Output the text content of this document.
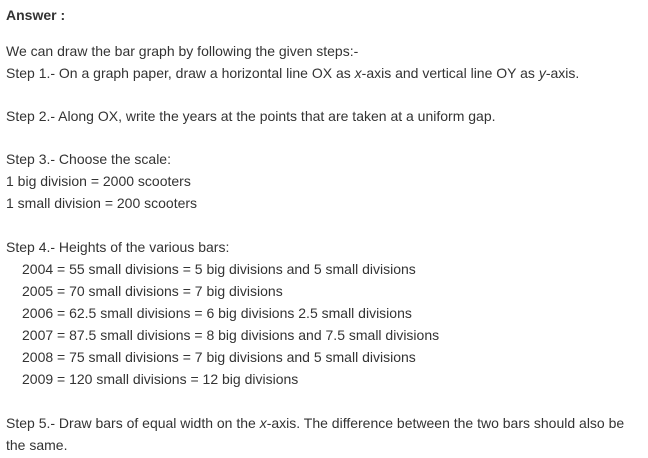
Answer :
We can draw the bar graph by following the given steps:-
Step 1.- On a graph paper, draw a horizontal line OX as x-axis and vertical line OY as y-axis.
Step 2.- Along OX, write the years at the points that are taken at a uniform gap.
Step 3.- Choose the scale:
1 big division = 2000 scooters
1 small division = 200 scooters
Step 4.- Heights of the various bars:
2004 = 55 small divisions = 5 big divisions and 5 small divisions
2005 = 70 small divisions = 7 big divisions
2006 = 62.5 small divisions = 6 big divisions 2.5 small divisions
2007 = 87.5 small divisions = 8 big divisions and 7.5 small divisions
2008 = 75 small divisions = 7 big divisions and 5 small divisions
2009 = 120 small divisions = 12 big divisions
Step 5.- Draw bars of equal width on the x-axis. The difference between the two bars should also be
the same.
